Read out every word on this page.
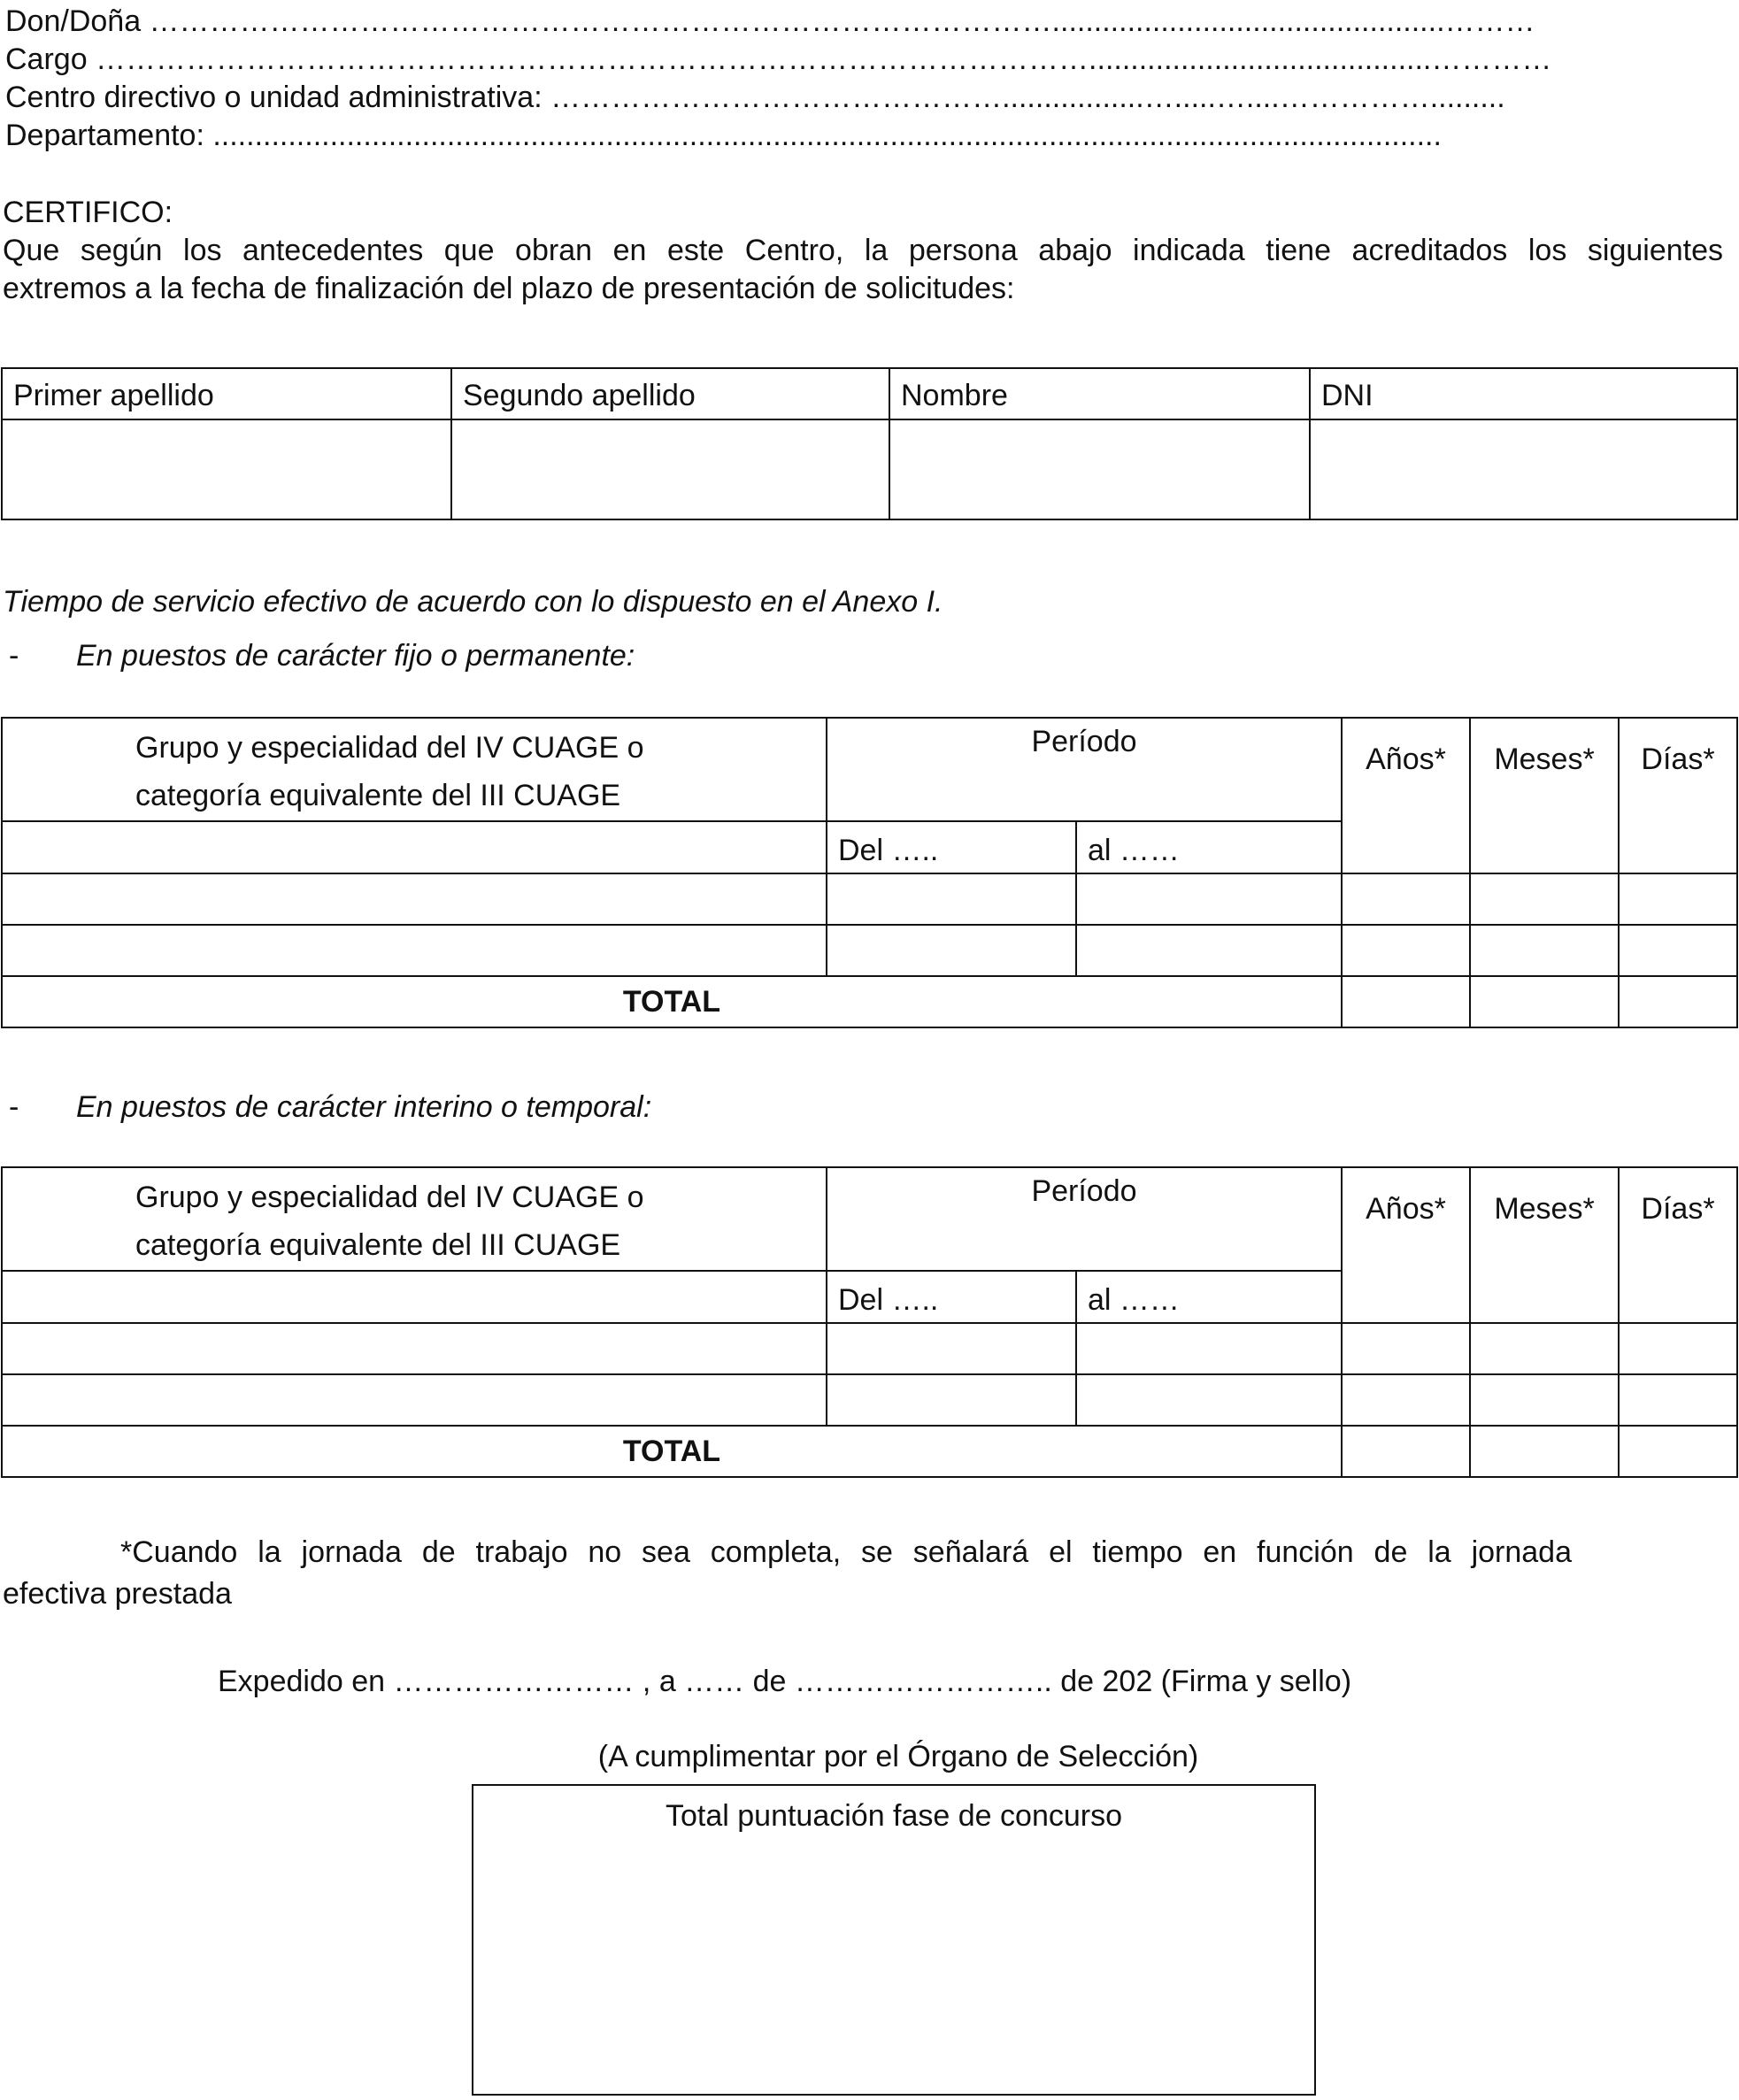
Don/Doña ………………………………………………………………………………...............................................………
Cargo ……………………………………………………………………………………….........................................…………
Centro directivo o unidad administrativa: ……………………………………….................….....…....…………….........
Departamento: ...................................................................................................................................................
CERTIFICO:
Que según los antecedentes que obran en este Centro, la persona abajo indicada tiene acreditados los siguientes
extremos a la fecha de finalización del plazo de presentación de solicitudes:
Primer apellido	Segundo apellido	Nombre	DNI

Tiempo de servicio efectivo de acuerdo con lo dispuesto en el Anexo I.
- En puestos de carácter fijo o permanente:
Grupo y especialidad del IV CUAGE o
categoría equivalente del III CUAGE	Período		Años*	Meses*	Días*
	Del …..	al ……			

TOTAL					
- En puestos de carácter interino o temporal:
Grupo y especialidad del IV CUAGE o
categoría equivalente del III CUAGE	Período		Años*	Meses*	Días*
	Del …..	al ……			

TOTAL					
*Cuando la jornada de trabajo no sea completa, se señalará el tiempo en función de la jornada
efectiva prestada
Expedido en …………………… , a …… de …………………….. de 202 (Firma y sello)
(A cumplimentar por el Órgano de Selección)
Total puntuación fase de concurso
